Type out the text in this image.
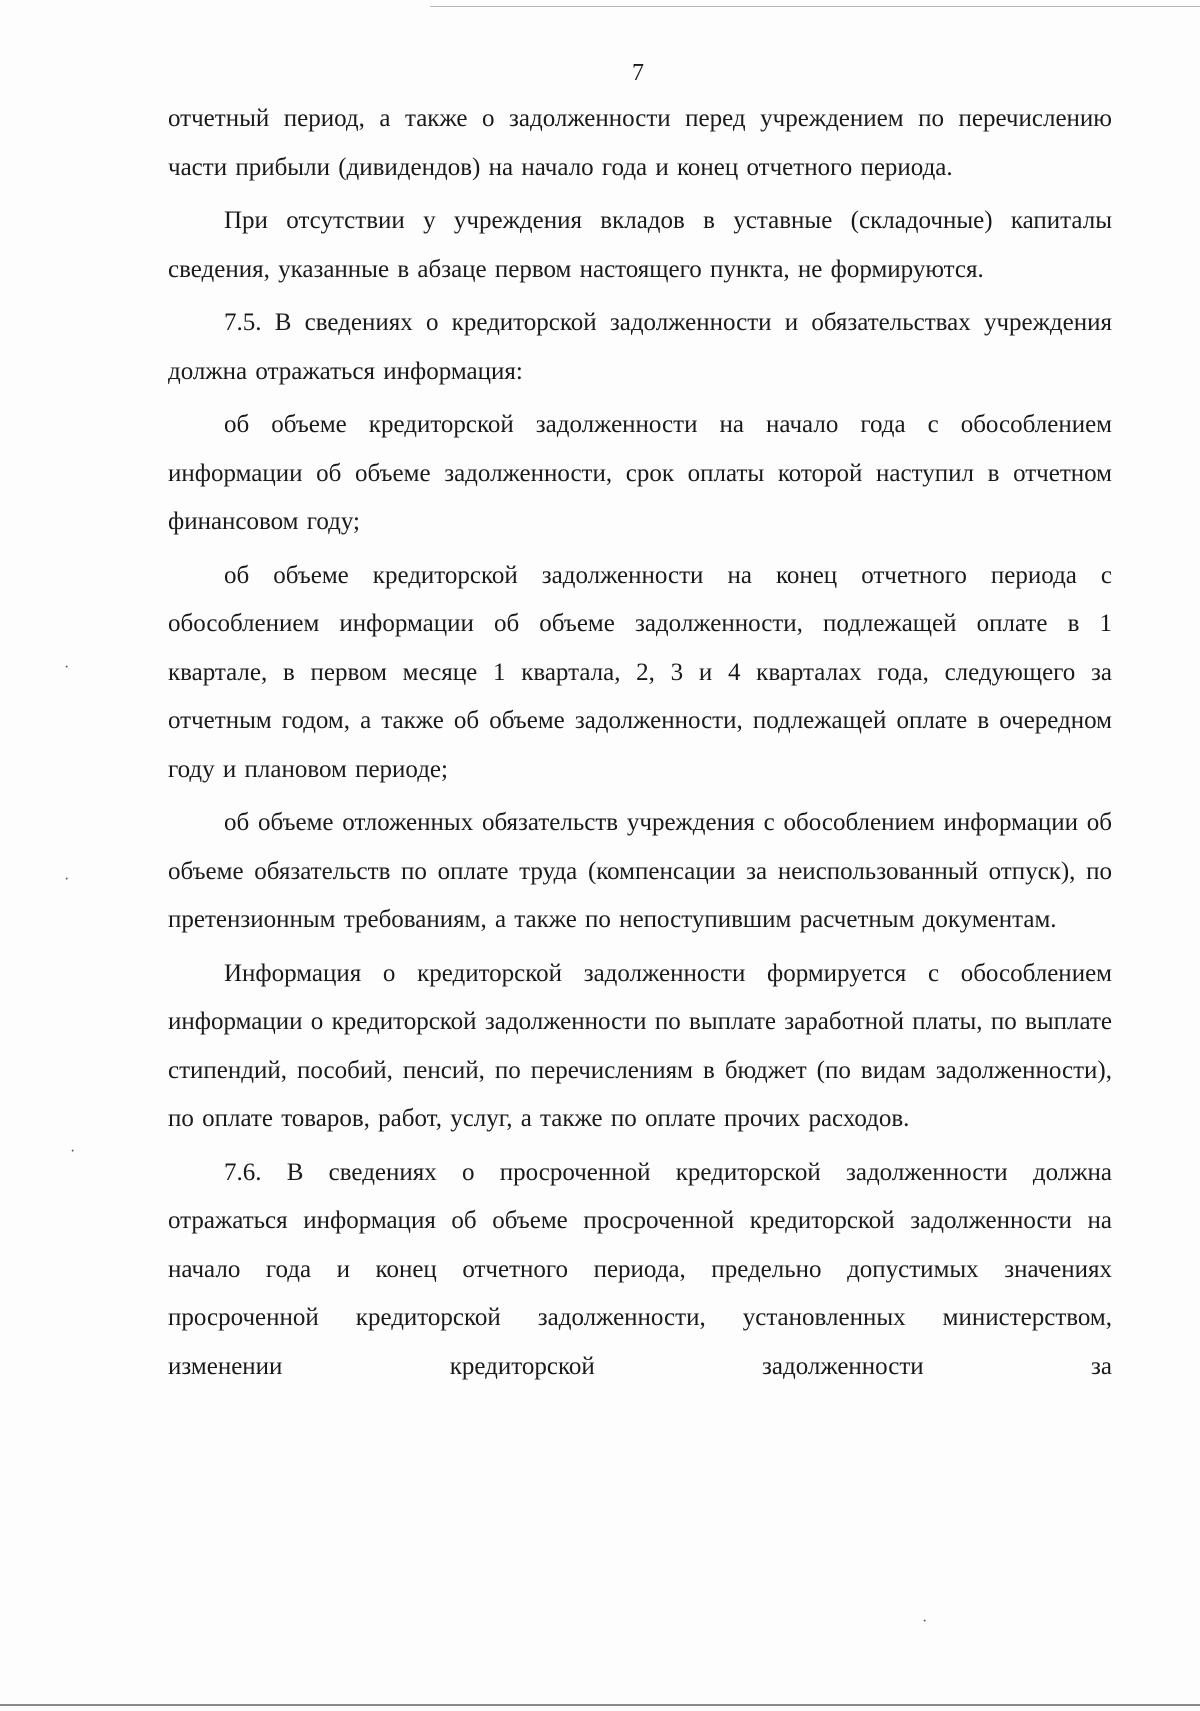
7

отчетный период, а также о задолженности перед учреждением по перечислению части прибыли (дивидендов) на начало года и конец отчетного периода.

При отсутствии у учреждения вкладов в уставные (складочные) капиталы сведения, указанные в абзаце первом настоящего пункта, не формируются.

7.5. В сведениях о кредиторской задолженности и обязательствах учреждения должна отражаться информация:

об объеме кредиторской задолженности на начало года с обособлением информации об объеме задолженности, срок оплаты которой наступил в отчетном финансовом году;

об объеме кредиторской задолженности на конец отчетного периода с обособлением информации об объеме задолженности, подлежащей оплате в 1 квартале, в первом месяце 1 квартала, 2, 3 и 4 кварталах года, следующего за отчетным годом, а также об объеме задолженности, подлежащей оплате в очередном году и плановом периоде;

об объеме отложенных обязательств учреждения с обособлением информации об объеме обязательств по оплате труда (компенсации за неиспользованный отпуск), по претензионным требованиям, а также по непоступившим расчетным документам.

Информация о кредиторской задолженности формируется с обособлением информации о кредиторской задолженности по выплате заработной платы, по выплате стипендий, пособий, пенсий, по перечислениям в бюджет (по видам задолженности), по оплате товаров, работ, услуг, а также по оплате прочих расходов.

7.6. В сведениях о просроченной кредиторской задолженности должна отражаться информация об объеме просроченной кредиторской задолженности на начало года и конец отчетного периода, предельно допустимых значениях просроченной кредиторской задолженности, установленных министерством, изменении кредиторской задолженности за

·
·
·
·
